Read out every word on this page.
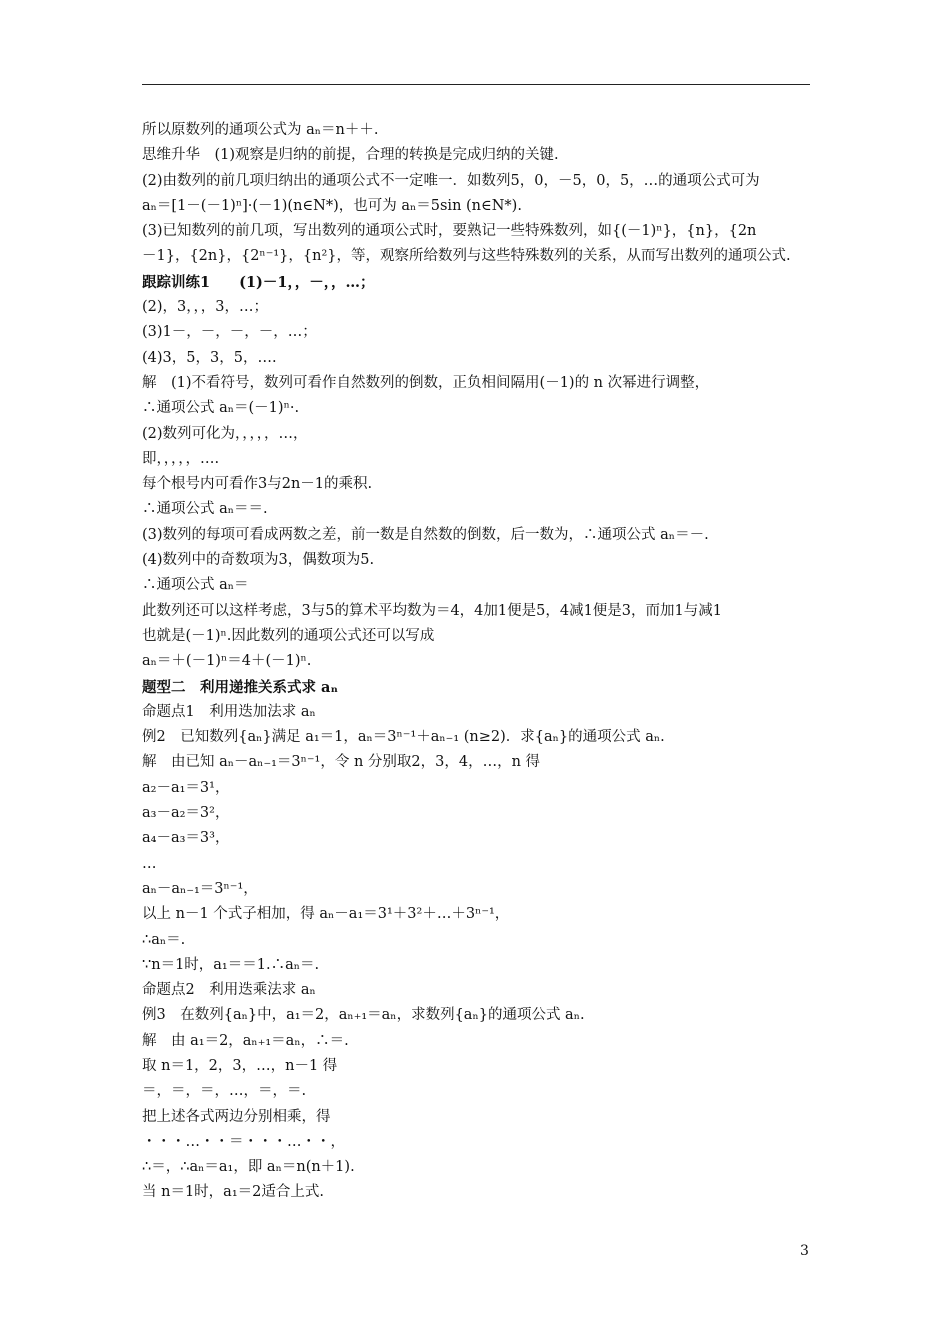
所以原数列的通项公式为 aₙ＝n＋＋.
思维升华　(1)观察是归纳的前提，合理的转换是完成归纳的关键.
(2)由数列的前几项归纳出的通项公式不一定唯一．如数列5，0，－5，0，5，…的通项公式可为
aₙ＝[1－(－1)ⁿ]·(－1)(n∈N*)，也可为 aₙ＝5sin (n∈N*).
(3)已知数列的前几项，写出数列的通项公式时，要熟记一些特殊数列，如{(－1)ⁿ}，{n}，{2n
－1}，{2n}，{2ⁿ⁻¹}，{n²}，等，观察所给数列与这些特殊数列的关系，从而写出数列的通项公式.
跟踪训练1　　(1)－1，，－，，…；
(2)，3，，，3，…；
(3)1－，－，－，－，…；
(4)3，5，3，5，….
解　(1)不看符号，数列可看作自然数列的倒数，正负相间隔用(－1)的 n 次幂进行调整，
∴通项公式 aₙ＝(－1)ⁿ·.
(2)数列可化为，，，，，…，
即，，，，，….
每个根号内可看作3与2n－1的乘积.
∴通项公式 aₙ＝＝.
(3)数列的每项可看成两数之差，前一数是自然数的倒数，后一数为，∴通项公式 aₙ＝－.
(4)数列中的奇数项为3，偶数项为5.
∴通项公式 aₙ＝
此数列还可以这样考虑，3与5的算术平均数为＝4，4加1便是5，4减1便是3，而加1与减1
也就是(－1)ⁿ.因此数列的通项公式还可以写成
aₙ＝＋(－1)ⁿ＝4＋(－1)ⁿ.
题型二　利用递推关系式求 aₙ
命题点1　利用迭加法求 aₙ
例2　已知数列{aₙ}满足 a₁＝1，aₙ＝3ⁿ⁻¹＋aₙ₋₁ (n≥2)．求{aₙ}的通项公式 aₙ.
解　由已知 aₙ－aₙ₋₁＝3ⁿ⁻¹，令 n 分别取2，3，4，…，n 得
a₂－a₁＝3¹，
a₃－a₂＝3²，
a₄－a₃＝3³，
…
aₙ－aₙ₋₁＝3ⁿ⁻¹，
以上 n－1 个式子相加，得 aₙ－a₁＝3¹＋3²＋…＋3ⁿ⁻¹，
∴aₙ＝.
∵n＝1时，a₁＝＝1.∴aₙ＝.
命题点2　利用迭乘法求 aₙ
例3　在数列{aₙ}中，a₁＝2，aₙ₊₁＝aₙ，求数列{aₙ}的通项公式 aₙ.
解　由 a₁＝2，aₙ₊₁＝aₙ，∴＝.
取 n＝1，2，3，…，n－1 得
＝，＝，＝，…，＝，＝.
把上述各式两边分别相乘，得
・・・…・・＝・・・…・・，
∴＝，∴aₙ＝a₁，即 aₙ＝n(n＋1).
当 n＝1时，a₁＝2适合上式.
3
